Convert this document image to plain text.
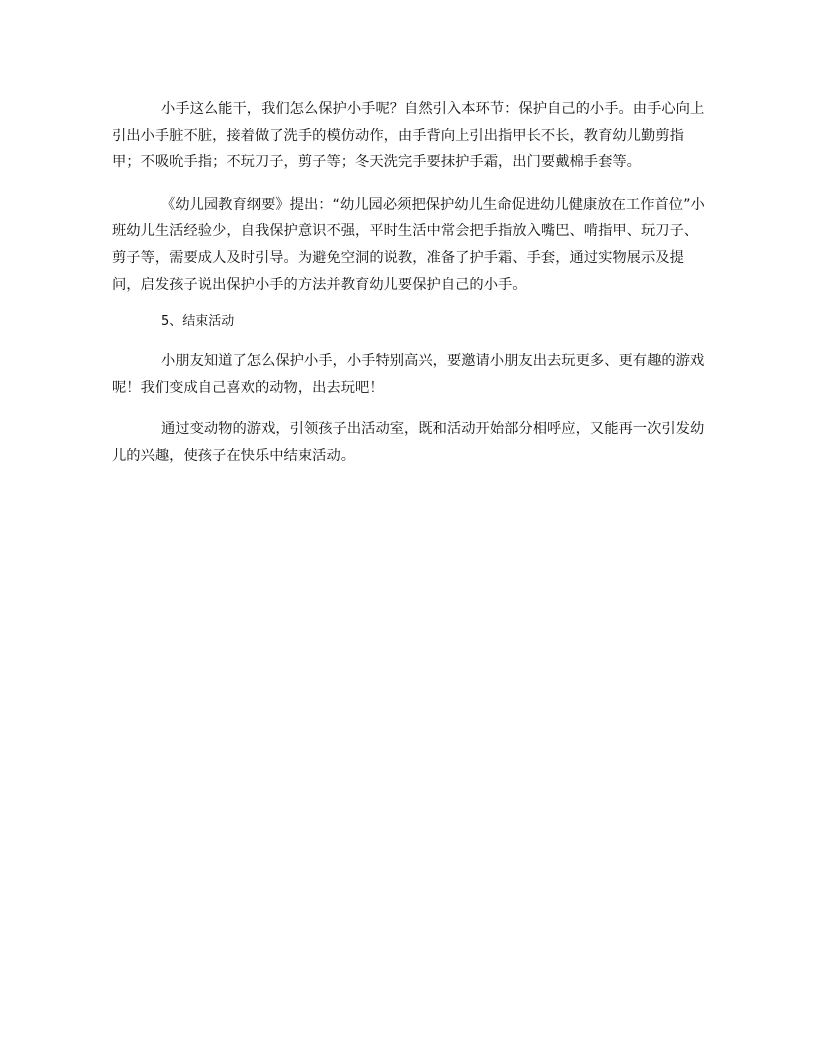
小手这么能干，我们怎么保护小手呢？自然引入本环节：保护自己的小手。由手心向上引出小手脏不脏，接着做了洗手的模仿动作，由手背向上引出指甲长不长，教育幼儿勤剪指甲；不吸吮手指；不玩刀子，剪子等；冬天洗完手要抹护手霜，出门要戴棉手套等。

《幼儿园教育纲要》提出：“幼儿园必须把保护幼儿生命促进幼儿健康放在工作首位”小班幼儿生活经验少，自我保护意识不强，平时生活中常会把手指放入嘴巴、啃指甲、玩刀子、剪子等，需要成人及时引导。为避免空洞的说教，准备了护手霜、手套，通过实物展示及提问，启发孩子说出保护小手的方法并教育幼儿要保护自己的小手。

5、结束活动

小朋友知道了怎么保护小手，小手特别高兴，要邀请小朋友出去玩更多、更有趣的游戏呢！我们变成自己喜欢的动物，出去玩吧！

通过变动物的游戏，引领孩子出活动室，既和活动开始部分相呼应，又能再一次引发幼儿的兴趣，使孩子在快乐中结束活动。
